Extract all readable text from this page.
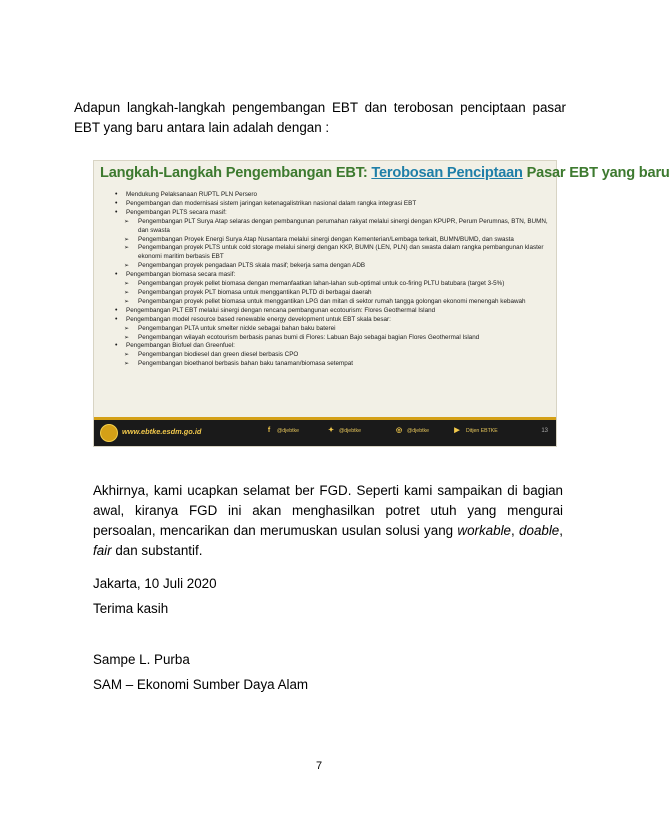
Adapun langkah-langkah pengembangan EBT dan terobosan penciptaan pasar EBT yang baru antara lain adalah dengan :

Langkah-Langkah Pengembangan EBT: Terobosan Penciptaan Pasar EBT yang baru
• Mendukung Pelaksanaan RUPTL PLN Persero
• Pengembangan dan modernisasi sistem jaringan ketenagalistrikan nasional dalam rangka integrasi EBT
• Pengembangan PLTS secara masif:
➢ Pengembangan PLT Surya Atap selaras dengan pembangunan perumahan rakyat melalui sinergi dengan KPUPR, Perum Perumnas, BTN, BUMN, dan swasta
➢ Pengembangan Proyek Energi Surya Atap Nusantara melalui sinergi dengan Kementerian/Lembaga terkait, BUMN/BUMD, dan swasta
➢ Pengembangan proyek PLTS untuk cold storage melalui sinergi dengan KKP, BUMN (LEN, PLN) dan swasta dalam rangka pembangunan klaster ekonomi maritim berbasis EBT
➢ Pengembangan proyek pengadaan PLTS skala masif; bekerja sama dengan ADB
• Pengembangan biomasa secara masif:
➢ Pengembangan proyek pellet biomasa dengan memanfaatkan lahan-lahan sub-optimal untuk co-firing PLTU batubara (target 3-5%)
➢ Pengembangan proyek PLT biomasa untuk menggantikan PLTD di berbagai daerah
➢ Pengembangan proyek pellet biomasa untuk menggantikan LPG dan mitan di sektor rumah tangga golongan ekonomi menengah kebawah
• Pengembangan PLT EBT melalui sinergi dengan rencana pembangunan ecotourism: Flores Geothermal Island
• Pengembangan model resource based renewable energy development untuk EBT skala besar:
➢ Pengembangan PLTA untuk smelter nickle sebagai bahan baku baterei
➢ Pengembangan wilayah ecotourism berbasis panas bumi di Flores: Labuan Bajo sebagai bagian Flores Geothermal Island
• Pengembangan Biofuel dan Greenfuel:
➢ Pengembangan biodiesel dan green diesel berbasis CPO
➢ Pengembangan bioethanol berbasis bahan baku tanaman/biomasa setempat
www.ebtke.esdm.go.id	f	@djebtke	✦ @djebtke	◎ @djebtke	▶	Ditjen EBTKE	13

Akhirnya, kami ucapkan selamat ber FGD. Seperti kami sampaikan di bagian awal, kiranya FGD ini akan menghasilkan potret utuh yang mengurai persoalan, mencarikan dan merumuskan usulan solusi yang workable, doable, fair dan substantif.

Jakarta, 10 Juli 2020
Terima kasih
Sampe L. Purba
SAM – Ekonomi Sumber Daya Alam
7
